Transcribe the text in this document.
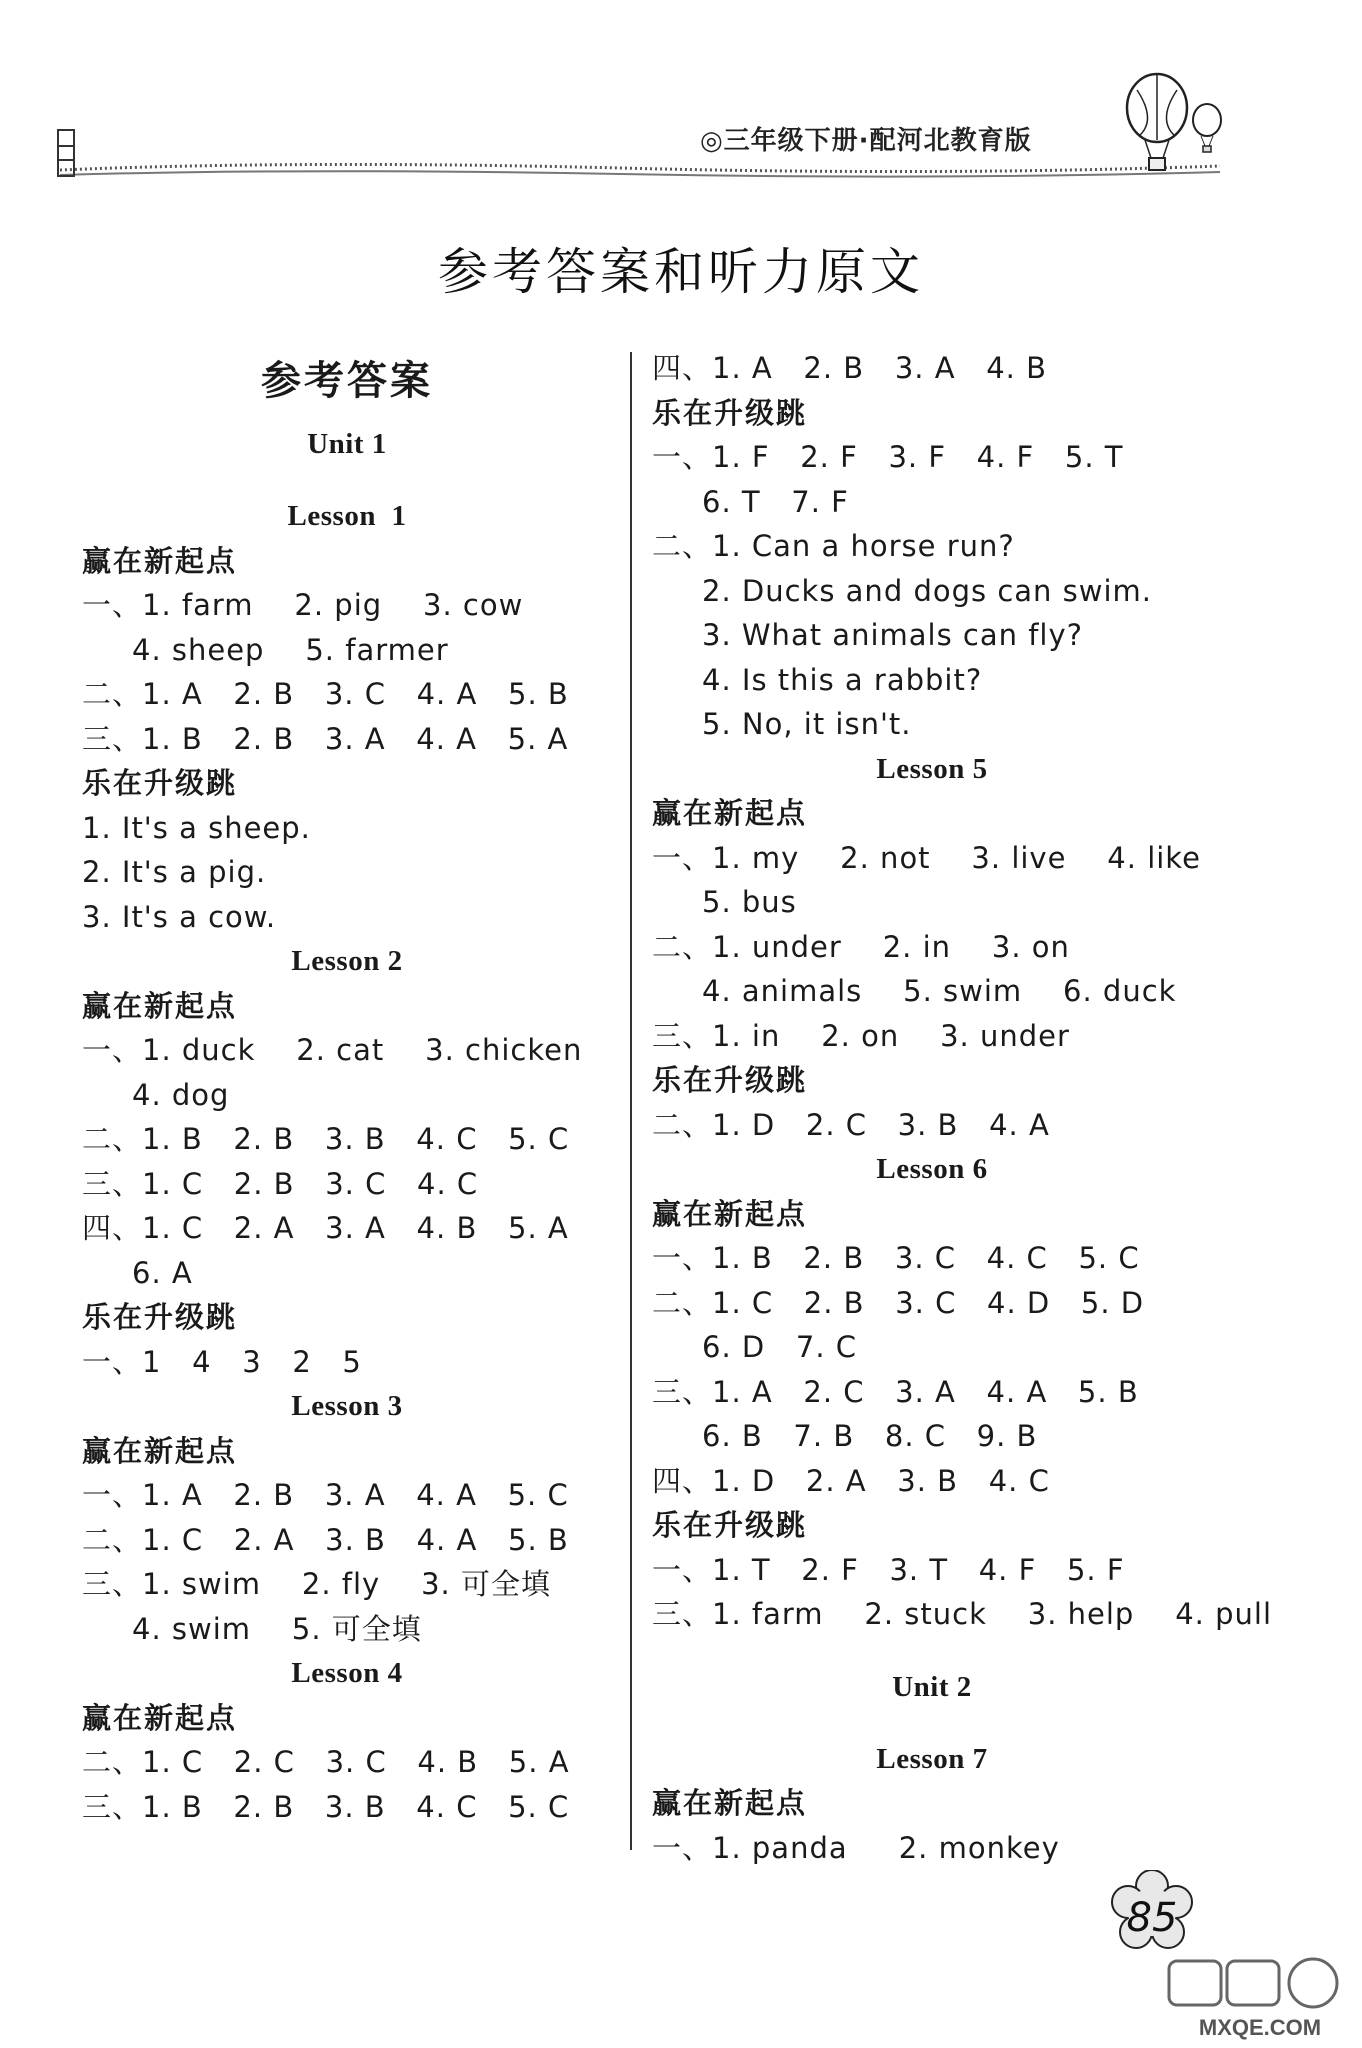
◎三年级下册·配河北教育版
参考答案和听力原文
参考答案
Unit 1
Lesson  1
赢在新起点
一、1. farm    2. pig    3. cow
4. sheep    5. farmer
二、1. A   2. B   3. C   4. A   5. B
三、1. B   2. B   3. A   4. A   5. A
乐在升级跳
1. It's a sheep.
2. It's a pig.
3. It's a cow.
Lesson 2
赢在新起点
一、1. duck    2. cat    3. chicken
4. dog
二、1. B   2. B   3. B   4. C   5. C
三、1. C   2. B   3. C   4. C
四、1. C   2. A   3. A   4. B   5. A
6. A
乐在升级跳
一、1   4   3   2   5
Lesson 3
赢在新起点
一、1. A   2. B   3. A   4. A   5. C
二、1. C   2. A   3. B   4. A   5. B
三、1. swim    2. fly    3. 可全填
4. swim    5. 可全填
Lesson 4
赢在新起点
二、1. C   2. C   3. C   4. B   5. A
三、1. B   2. B   3. B   4. C   5. C
四、1. A   2. B   3. A   4. B
乐在升级跳
一、1. F   2. F   3. F   4. F   5. T
6. T   7. F
二、1. Can a horse run?
2. Ducks and dogs can swim.
3. What animals can fly?
4. Is this a rabbit?
5. No, it isn't.
Lesson 5
赢在新起点
一、1. my    2. not    3. live    4. like
5. bus
二、1. under    2. in    3. on
4. animals    5. swim    6. duck
三、1. in    2. on    3. under
乐在升级跳
二、1. D   2. C   3. B   4. A
Lesson 6
赢在新起点
一、1. B   2. B   3. C   4. C   5. C
二、1. C   2. B   3. C   4. D   5. D
6. D   7. C
三、1. A   2. C   3. A   4. A   5. B
6. B   7. B   8. C   9. B
四、1. D   2. A   3. B   4. C
乐在升级跳
一、1. T   2. F   3. T   4. F   5. F
三、1. farm    2. stuck    3. help    4. pull
Unit 2
Lesson 7
赢在新起点
一、1. panda     2. monkey
85
MXQE.COM
